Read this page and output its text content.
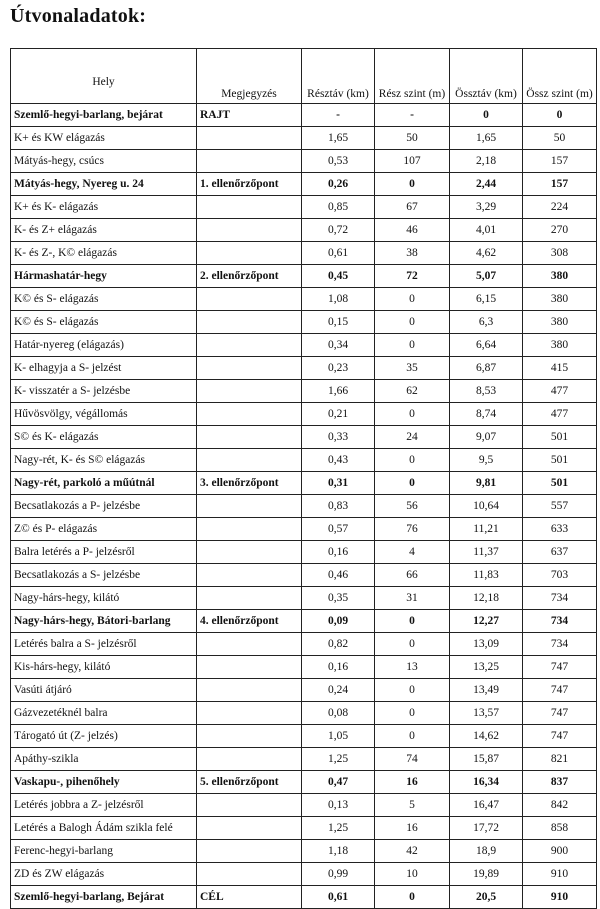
Útvonaladatok:
Hely	Megjegyzés	Résztáv (km)	Rész szint (m)	Össztáv (km)	Össz szint (m)
Szemlő-hegyi-barlang, bejárat	RAJT	-	-	0	0
K+ és KW elágazás		1,65	50	1,65	50
Mátyás-hegy, csúcs		0,53	107	2,18	157
Mátyás-hegy, Nyereg u. 24	1. ellenőrzőpont	0,26	0	2,44	157
K+ és K- elágazás		0,85	67	3,29	224
K- és Z+ elágazás		0,72	46	4,01	270
K- és Z-, K© elágazás		0,61	38	4,62	308
Hármashatár-hegy	2. ellenőrzőpont	0,45	72	5,07	380
K© és S- elágazás		1,08	0	6,15	380
K© és S- elágazás		0,15	0	6,3	380
Határ-nyereg (elágazás)		0,34	0	6,64	380
K- elhagyja a S- jelzést		0,23	35	6,87	415
K- visszatér a S- jelzésbe		1,66	62	8,53	477
Hűvösvölgy, végállomás		0,21	0	8,74	477
S© és K- elágazás		0,33	24	9,07	501
Nagy-rét, K- és S© elágazás		0,43	0	9,5	501
Nagy-rét, parkoló a műútnál	3. ellenőrzőpont	0,31	0	9,81	501
Becsatlakozás a P- jelzésbe		0,83	56	10,64	557
Z© és P- elágazás		0,57	76	11,21	633
Balra letérés a P- jelzésről		0,16	4	11,37	637
Becsatlakozás a S- jelzésbe		0,46	66	11,83	703
Nagy-hárs-hegy, kilátó		0,35	31	12,18	734
Nagy-hárs-hegy, Bátori-barlang	4. ellenőrzőpont	0,09	0	12,27	734
Letérés balra a S- jelzésről		0,82	0	13,09	734
Kis-hárs-hegy, kilátó		0,16	13	13,25	747
Vasúti átjáró		0,24	0	13,49	747
Gázvezetéknél balra		0,08	0	13,57	747
Tárogató út (Z- jelzés)		1,05	0	14,62	747
Apáthy-szikla		1,25	74	15,87	821
Vaskapu-, pihenőhely	5. ellenőrzőpont	0,47	16	16,34	837
Letérés jobbra a Z- jelzésről		0,13	5	16,47	842
Letérés a Balogh Ádám szikla felé		1,25	16	17,72	858
Ferenc-hegyi-barlang		1,18	42	18,9	900
ZD és ZW elágazás		0,99	10	19,89	910
Szemlő-hegyi-barlang, Bejárat	CÉL	0,61	0	20,5	910
